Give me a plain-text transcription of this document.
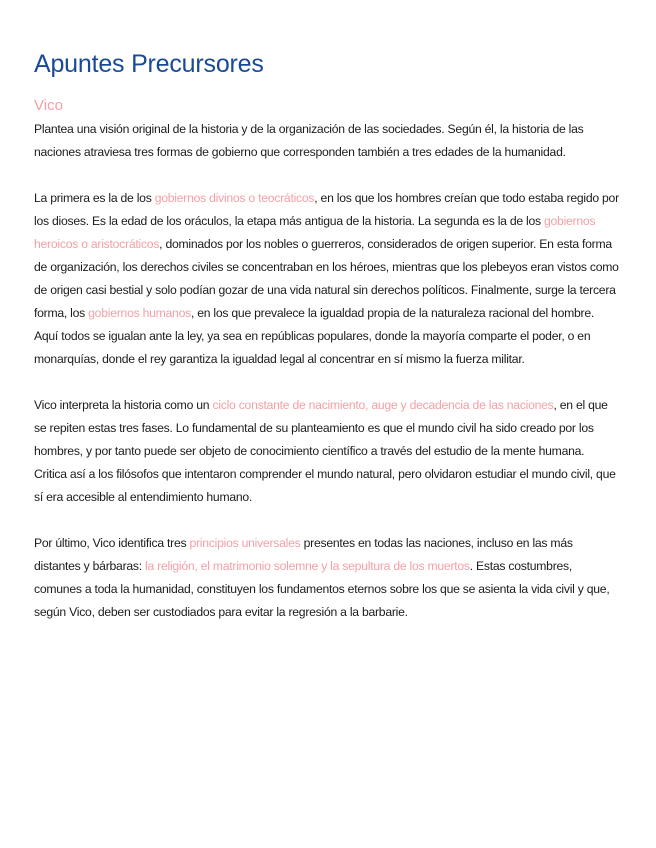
Apuntes Precursores
Vico

Plantea una visión original de la historia y de la organización de las sociedades. Según él, la historia de las naciones atraviesa tres formas de gobierno que corresponden también a tres edades de la humanidad.

La primera es la de los gobiernos divinos o teocráticos, en los que los hombres creían que todo estaba regido por los dioses. Es la edad de los oráculos, la etapa más antigua de la historia. La segunda es la de los gobiernos heroicos o aristocráticos, dominados por los nobles o guerreros, considerados de origen superior. En esta forma de organización, los derechos civiles se concentraban en los héroes, mientras que los plebeyos eran vistos como de origen casi bestial y solo podían gozar de una vida natural sin derechos políticos. Finalmente, surge la tercera forma, los gobiernos humanos, en los que prevalece la igualdad propia de la naturaleza racional del hombre. Aquí todos se igualan ante la ley, ya sea en repúblicas populares, donde la mayoría comparte el poder, o en monarquías, donde el rey garantiza la igualdad legal al concentrar en sí mismo la fuerza militar.

Vico interpreta la historia como un ciclo constante de nacimiento, auge y decadencia de las naciones, en el que se repiten estas tres fases. Lo fundamental de su planteamiento es que el mundo civil ha sido creado por los hombres, y por tanto puede ser objeto de conocimiento científico a través del estudio de la mente humana. Critica así a los filósofos que intentaron comprender el mundo natural, pero olvidaron estudiar el mundo civil, que sí era accesible al entendimiento humano.

Por último, Vico identifica tres principios universales presentes en todas las naciones, incluso en las más distantes y bárbaras: la religión, el matrimonio solemne y la sepultura de los muertos. Estas costumbres, comunes a toda la humanidad, constituyen los fundamentos eternos sobre los que se asienta la vida civil y que, según Vico, deben ser custodiados para evitar la regresión a la barbarie.
